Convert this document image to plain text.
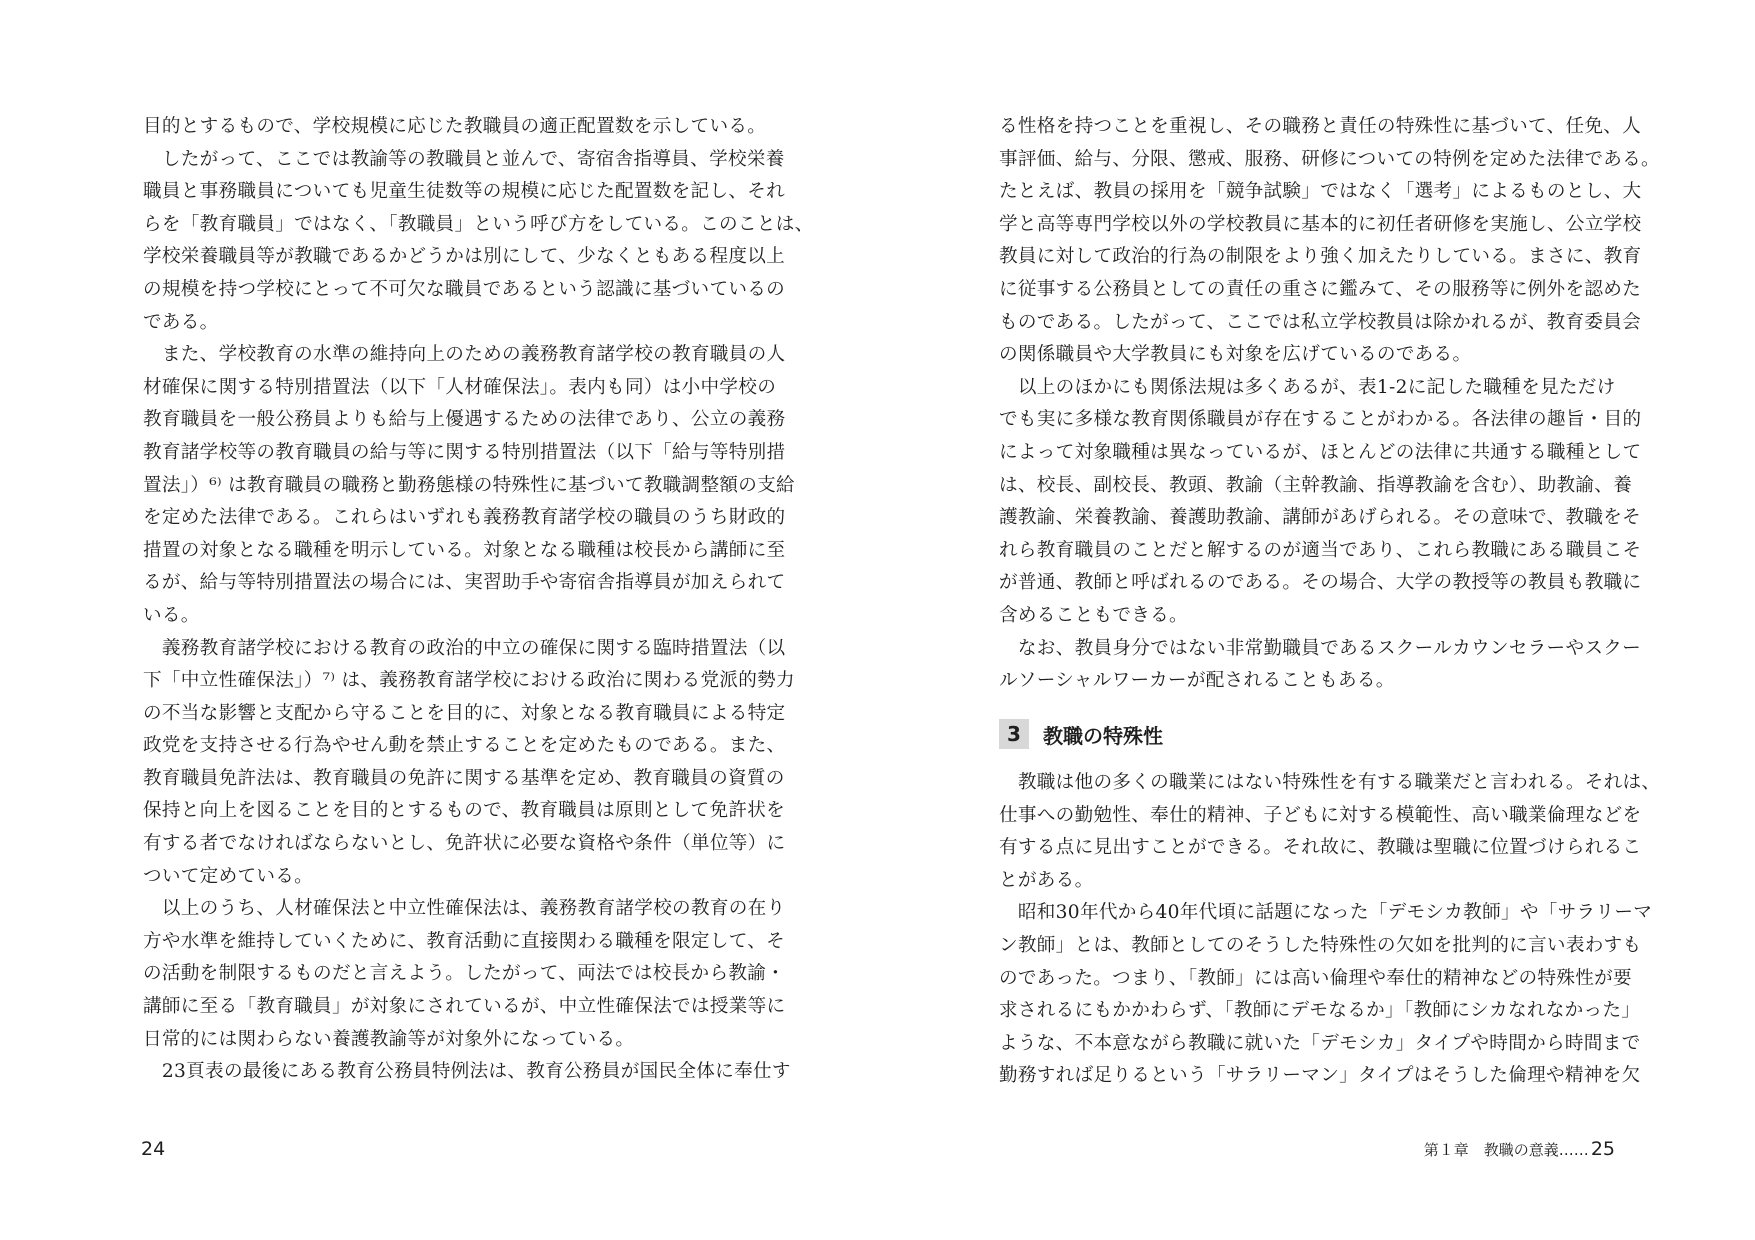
目的とするもので、学校規模に応じた教職員の適正配置数を示している。
　したがって、ここでは教諭等の教職員と並んで、寄宿舎指導員、学校栄養
職員と事務職員についても児童生徒数等の規模に応じた配置数を記し、それ
らを「教育職員」ではなく、「教職員」という呼び方をしている。このことは、
学校栄養職員等が教職であるかどうかは別にして、少なくともある程度以上
の規模を持つ学校にとって不可欠な職員であるという認識に基づいているの
である。
　また、学校教育の水準の維持向上のための義務教育諸学校の教育職員の人
材確保に関する特別措置法（以下「人材確保法」。表内も同）は小中学校の
教育職員を一般公務員よりも給与上優遇するための法律であり、公立の義務
教育諸学校等の教育職員の給与等に関する特別措置法（以下「給与等特別措
置法」）⁶⁾ は教育職員の職務と勤務態様の特殊性に基づいて教職調整額の支給
を定めた法律である。これらはいずれも義務教育諸学校の職員のうち財政的
措置の対象となる職種を明示している。対象となる職種は校長から講師に至
るが、給与等特別措置法の場合には、実習助手や寄宿舎指導員が加えられて
いる。
　義務教育諸学校における教育の政治的中立の確保に関する臨時措置法（以
下「中立性確保法」）⁷⁾ は、義務教育諸学校における政治に関わる党派的勢力
の不当な影響と支配から守ることを目的に、対象となる教育職員による特定
政党を支持させる行為やせん動を禁止することを定めたものである。また、
教育職員免許法は、教育職員の免許に関する基準を定め、教育職員の資質の
保持と向上を図ることを目的とするもので、教育職員は原則として免許状を
有する者でなければならないとし、免許状に必要な資格や条件（単位等）に
ついて定めている。
　以上のうち、人材確保法と中立性確保法は、義務教育諸学校の教育の在り
方や水準を維持していくために、教育活動に直接関わる職種を限定して、そ
の活動を制限するものだと言えよう。したがって、両法では校長から教諭・
講師に至る「教育職員」が対象にされているが、中立性確保法では授業等に
日常的には関わらない養護教諭等が対象外になっている。
　23頁表の最後にある教育公務員特例法は、教育公務員が国民全体に奉仕す
24
る性格を持つことを重視し、その職務と責任の特殊性に基づいて、任免、人
事評価、給与、分限、懲戒、服務、研修についての特例を定めた法律である。
たとえば、教員の採用を「競争試験」ではなく「選考」によるものとし、大
学と高等専門学校以外の学校教員に基本的に初任者研修を実施し、公立学校
教員に対して政治的行為の制限をより強く加えたりしている。まさに、教育
に従事する公務員としての責任の重さに鑑みて、その服務等に例外を認めた
ものである。したがって、ここでは私立学校教員は除かれるが、教育委員会
の関係職員や大学教員にも対象を広げているのである。
　以上のほかにも関係法規は多くあるが、表1‐2に記した職種を見ただけ
でも実に多様な教育関係職員が存在することがわかる。各法律の趣旨・目的
によって対象職種は異なっているが、ほとんどの法律に共通する職種として
は、校長、副校長、教頭、教諭（主幹教諭、指導教諭を含む）、助教諭、養
護教諭、栄養教諭、養護助教諭、講師があげられる。その意味で、教職をそ
れら教育職員のことだと解するのが適当であり、これら教職にある職員こそ
が普通、教師と呼ばれるのである。その場合、大学の教授等の教員も教職に
含めることもできる。
　なお、教員身分ではない非常勤職員であるスクールカウンセラーやスクー
ルソーシャルワーカーが配されることもある。
3	教職の特殊性
　教職は他の多くの職業にはない特殊性を有する職業だと言われる。それは、
仕事への勤勉性、奉仕的精神、子どもに対する模範性、高い職業倫理などを
有する点に見出すことができる。それ故に、教職は聖職に位置づけられるこ
とがある。
　昭和30年代から40年代頃に話題になった「デモシカ教師」や「サラリーマ
ン教師」とは、教師としてのそうした特殊性の欠如を批判的に言い表わすも
のであった。つまり、「教師」には高い倫理や奉仕的精神などの特殊性が要
求されるにもかかわらず、「教師にデモなるか」「教師にシカなれなかった」
ような、不本意ながら教職に就いた「デモシカ」タイプや時間から時間まで
勤務すれば足りるという「サラリーマン」タイプはそうした倫理や精神を欠
第１章　教職の意義…… 25
